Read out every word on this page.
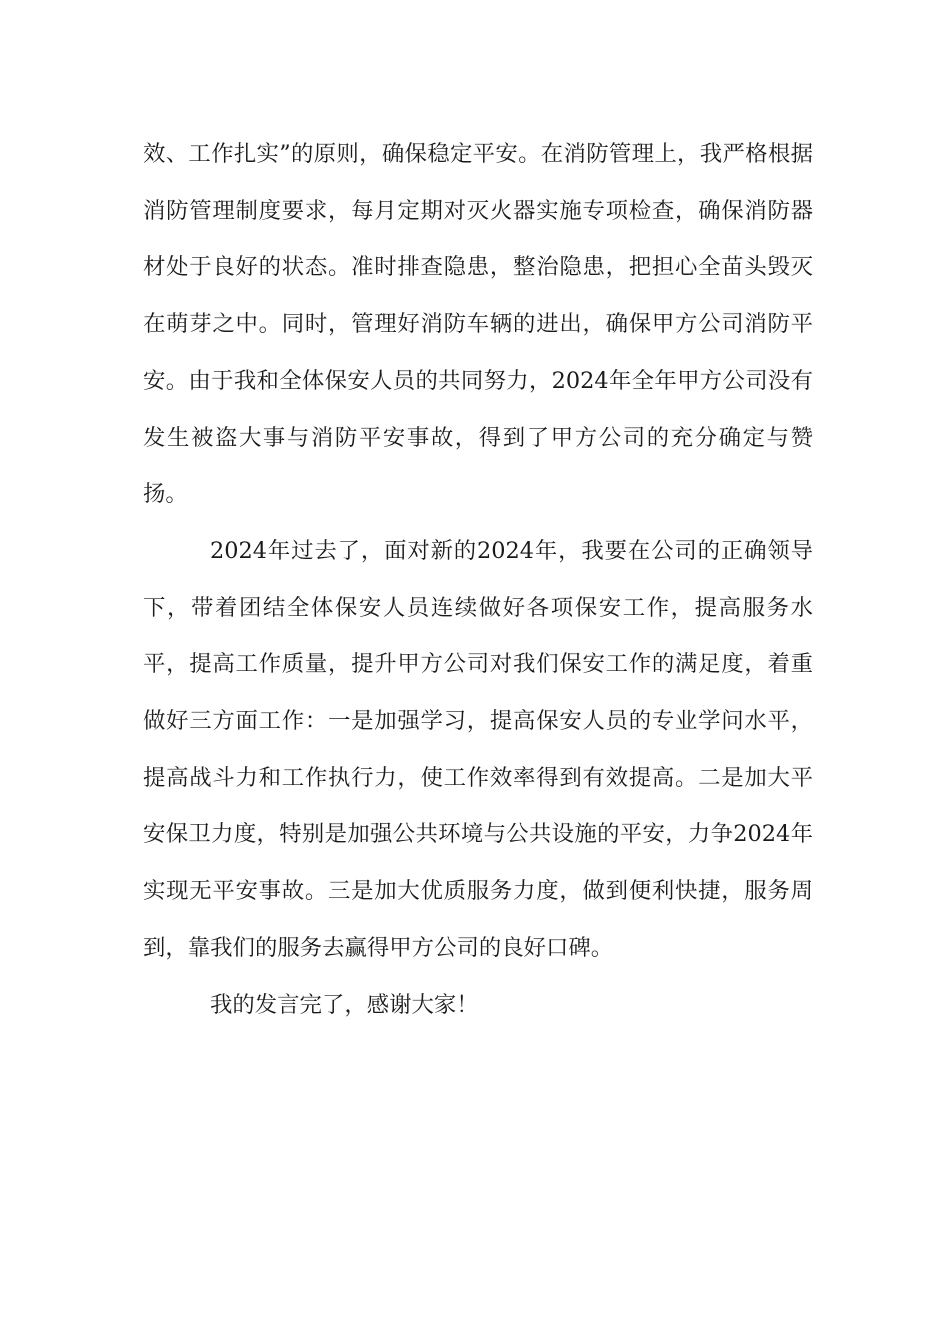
效、工作扎实”的原则，确保稳定平安。在消防管理上，我严格根据消防管理制度要求，每月定期对灭火器实施专项检查，确保消防器材处于良好的状态。准时排查隐患，整治隐患，把担心全苗头毁灭在萌芽之中。同时，管理好消防车辆的进出，确保甲方公司消防平安。由于我和全体保安人员的共同努力，2024年全年甲方公司没有发生被盗大事与消防平安事故，得到了甲方公司的充分确定与赞扬。

2024年过去了，面对新的2024年，我要在公司的正确领导下，带着团结全体保安人员连续做好各项保安工作，提高服务水平，提高工作质量，提升甲方公司对我们保安工作的满足度，着重做好三方面工作：一是加强学习，提高保安人员的专业学问水平，提高战斗力和工作执行力，使工作效率得到有效提高。二是加大平安保卫力度，特别是加强公共环境与公共设施的平安，力争2024年实现无平安事故。三是加大优质服务力度，做到便利快捷，服务周到，靠我们的服务去赢得甲方公司的良好口碑。

我的发言完了，感谢大家！
